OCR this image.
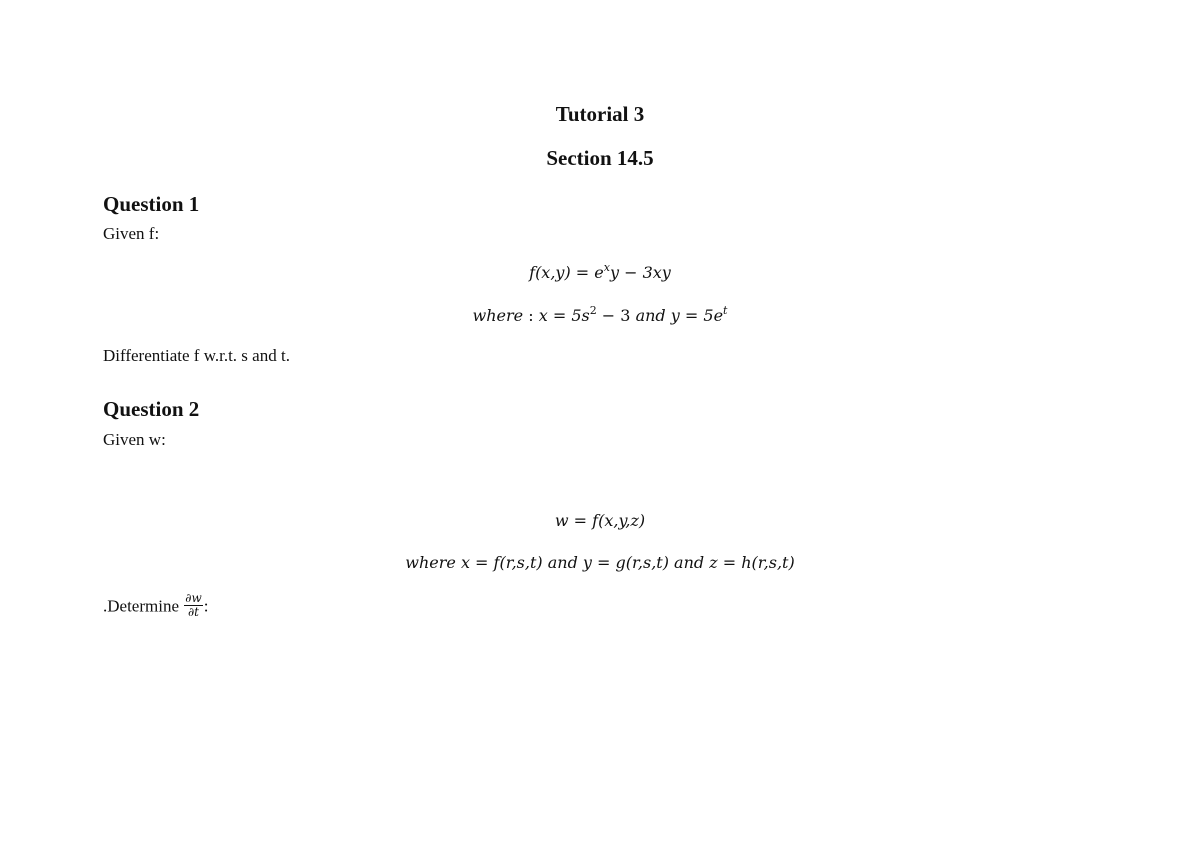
Tutorial 3
Section 14.5
Question 1
Given f:
$f(x,y) = e^xy - 3xy$
where : $x = 5s^2 - 3$ and $y = 5e^t$
Differentiate f w.r.t. s and t.
Question 2
Given w:
w = f(x,y,z)
where x = f(r,s,t) and y = g(r,s,t) and z = h(r,s,t)
.Determine $\frac{\partial w}{\partial t}$ :
